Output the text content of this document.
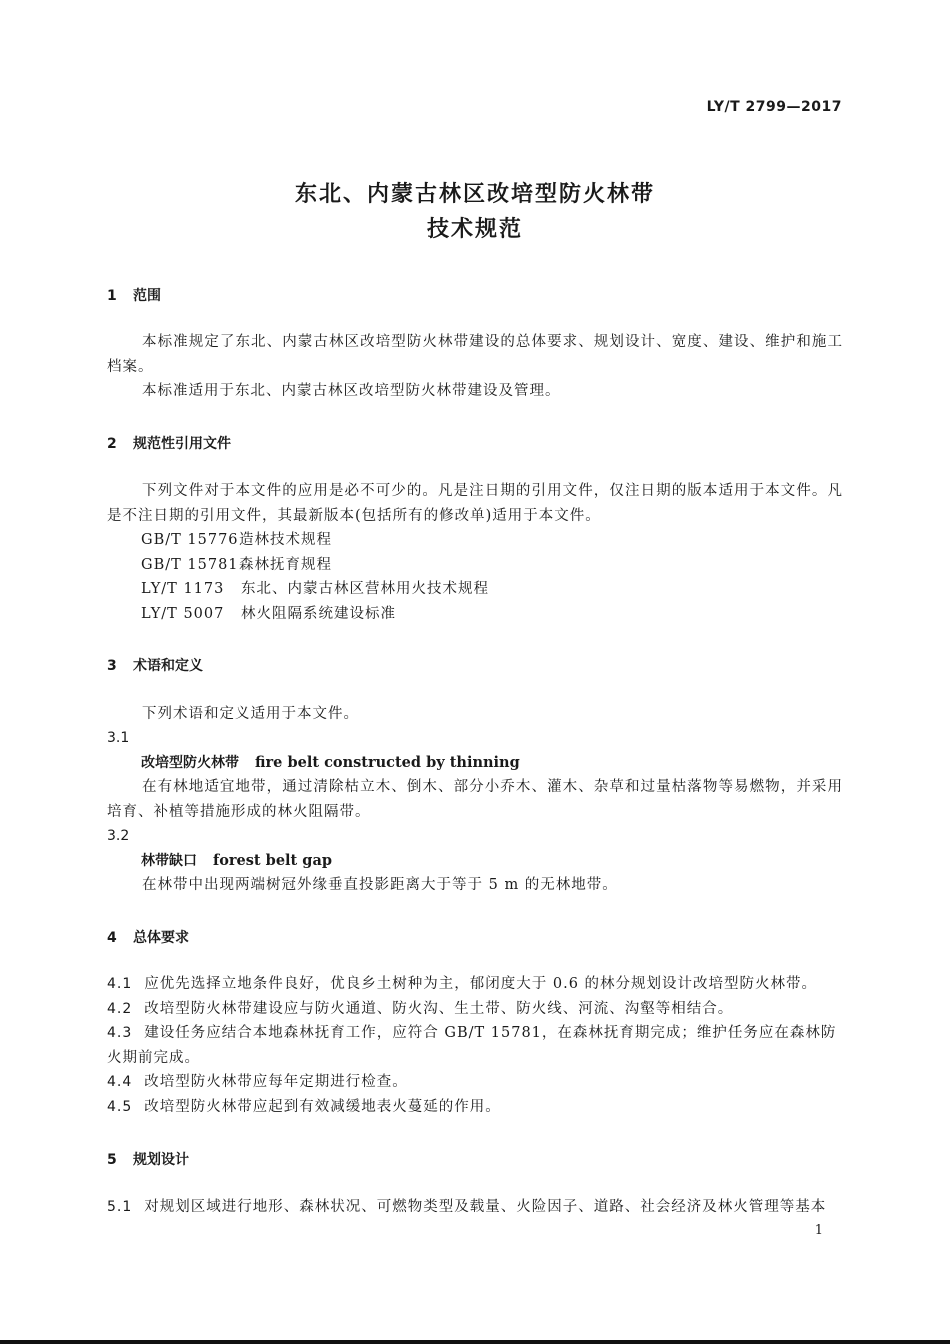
LY/T 2799—2017
东北、内蒙古林区改培型防火林带
技术规范
1 范围
本标准规定了东北、内蒙古林区改培型防火林带建设的总体要求、规划设计、宽度、建设、维护和施工档案。
本标准适用于东北、内蒙古林区改培型防火林带建设及管理。
2 规范性引用文件
下列文件对于本文件的应用是必不可少的。凡是注日期的引用文件，仅注日期的版本适用于本文件。凡是不注日期的引用文件，其最新版本(包括所有的修改单)适用于本文件。
GB/T 15776造林技术规程
GB/T 15781森林抚育规程
LY/T 1173 东北、内蒙古林区营林用火技术规程
LY/T 5007 林火阻隔系统建设标准
3 术语和定义
下列术语和定义适用于本文件。
3.1
改培型防火林带 fire belt constructed by thinning
在有林地适宜地带，通过清除枯立木、倒木、部分小乔木、灌木、杂草和过量枯落物等易燃物，并采用培育、补植等措施形成的林火阻隔带。
3.2
林带缺口 forest belt gap
在林带中出现两端树冠外缘垂直投影距离大于等于 5 m 的无林地带。
4 总体要求
4.1 应优先选择立地条件良好，优良乡土树种为主，郁闭度大于 0.6 的林分规划设计改培型防火林带。
4.2 改培型防火林带建设应与防火通道、防火沟、生土带、防火线、河流、沟壑等相结合。
4.3 建设任务应结合本地森林抚育工作，应符合 GB/T 15781，在森林抚育期完成；维护任务应在森林防火期前完成。
4.4 改培型防火林带应每年定期进行检查。
4.5 改培型防火林带应起到有效减缓地表火蔓延的作用。
5 规划设计
5.1 对规划区域进行地形、森林状况、可燃物类型及载量、火险因子、道路、社会经济及林火管理等基本
1
